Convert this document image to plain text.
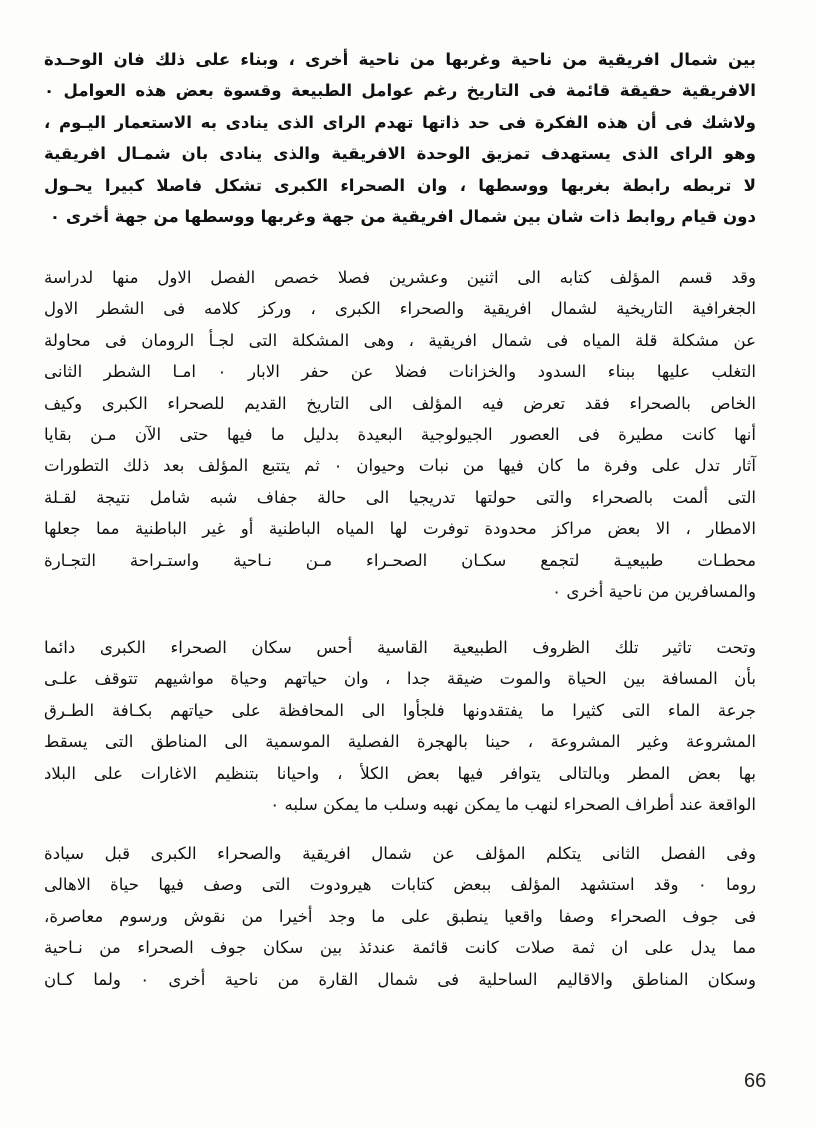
بين شمال افريقية من ناحية وغربها من ناحية أخرى ، وبناء على ذلك فان الوحـدة
الافريقية حقيقة قائمة فى التاريخ رغم عوامل الطبيعة وقسوة بعض هذه العوامل ٠
ولاشك فى أن هذه الفكرة فى حد ذاتها تهدم الراى الذى ينادى به الاستعمار اليـوم ،
وهو الراى الذى يستهدف تمزيق الوحدة الافريقية والذى ينادى بان شمـال افريقية
لا تربطه رابطة بغربها ووسطها ، وان الصحراء الكبرى تشكل فاصلا كبيرا يحـول
دون قيام روابط ذات شان بين شمال افريقية من جهة وغربها ووسطها من جهة أخرى ٠
وقد قسم المؤلف كتابه الى اثنين وعشرين فصلا خصص الفصل الاول منها لدراسة
الجغرافية التاريخية لشمال افريقية والصحراء الكبرى ، وركز كلامه فى الشطر الاول
عن مشكلة قلة المياه فى شمال افريقية ، وهى المشكلة التى لجـأ الرومان فى محاولة
التغلب عليها ببناء السدود والخزانات فضلا عن حفر الابار ٠ امـا الشطر الثانى
الخاص بالصحراء فقد تعرض فيه المؤلف الى التاريخ القديم للصحراء الكبرى وكيف
أنها كانت مطيرة فى العصور الجيولوجية البعيدة بدليل ما فيها حتى الآن مـن بقايا
آثار تدل على وفرة ما كان فيها من نبات وحيوان ٠ ثم يتتبع المؤلف بعد ذلك التطورات
التى ألمت بالصحراء والتى حولتها تدريجيا الى حالة جفاف شبه شامل نتيجة لقـلة
الامطار ، الا بعض مراكز محدودة توفرت لها المياه الباطنية أو غير الباطنية مما جعلها
محطـات طبيعيـة لتجمع سكـان الصحـراء مـن نـاحية واستـراحة التجـارة
والمسافرين من ناحية أخرى ٠
وتحت تاثير تلك الظروف الطبيعية القاسية أحس سكان الصحراء الكبرى دائما
بأن المسافة بين الحياة والموت ضيقة جدا ، وان حياتهم وحياة مواشيهم تتوقف علـى
جرعة الماء التى كثيرا ما يفتقدونها فلجأوا الى المحافظة على حياتهم بكـافة الطـرق
المشروعة وغير المشروعة ، حينا بالهجرة الفصلية الموسمية الى المناطق التى يسقط
بها بعض المطر وبالتالى يتوافر فيها بعض الكلأ ، واحيانا بتنظيم الاغارات على البلاد
الواقعة عند أطراف الصحراء لنهب ما يمكن نهبه وسلب ما يمكن سلبه ٠
وفى الفصل الثانى يتكلم المؤلف عن شمال افريقية والصحراء الكبرى قبل سيادة
روما ٠ وقد استشهد المؤلف ببعض كتابات هيرودوت التى وصف فيها حياة الاهالى
فى جوف الصحراء وصفا واقعيا ينطبق على ما وجد أخيرا من نقوش ورسوم معاصرة،
مما يدل على ان ثمة صلات كانت قائمة عندئذ بين سكان جوف الصحراء من نـاحية
وسكان المناطق والاقاليم الساحلية فى شمال القارة من ناحية أخرى ٠ ولما كـان
66
